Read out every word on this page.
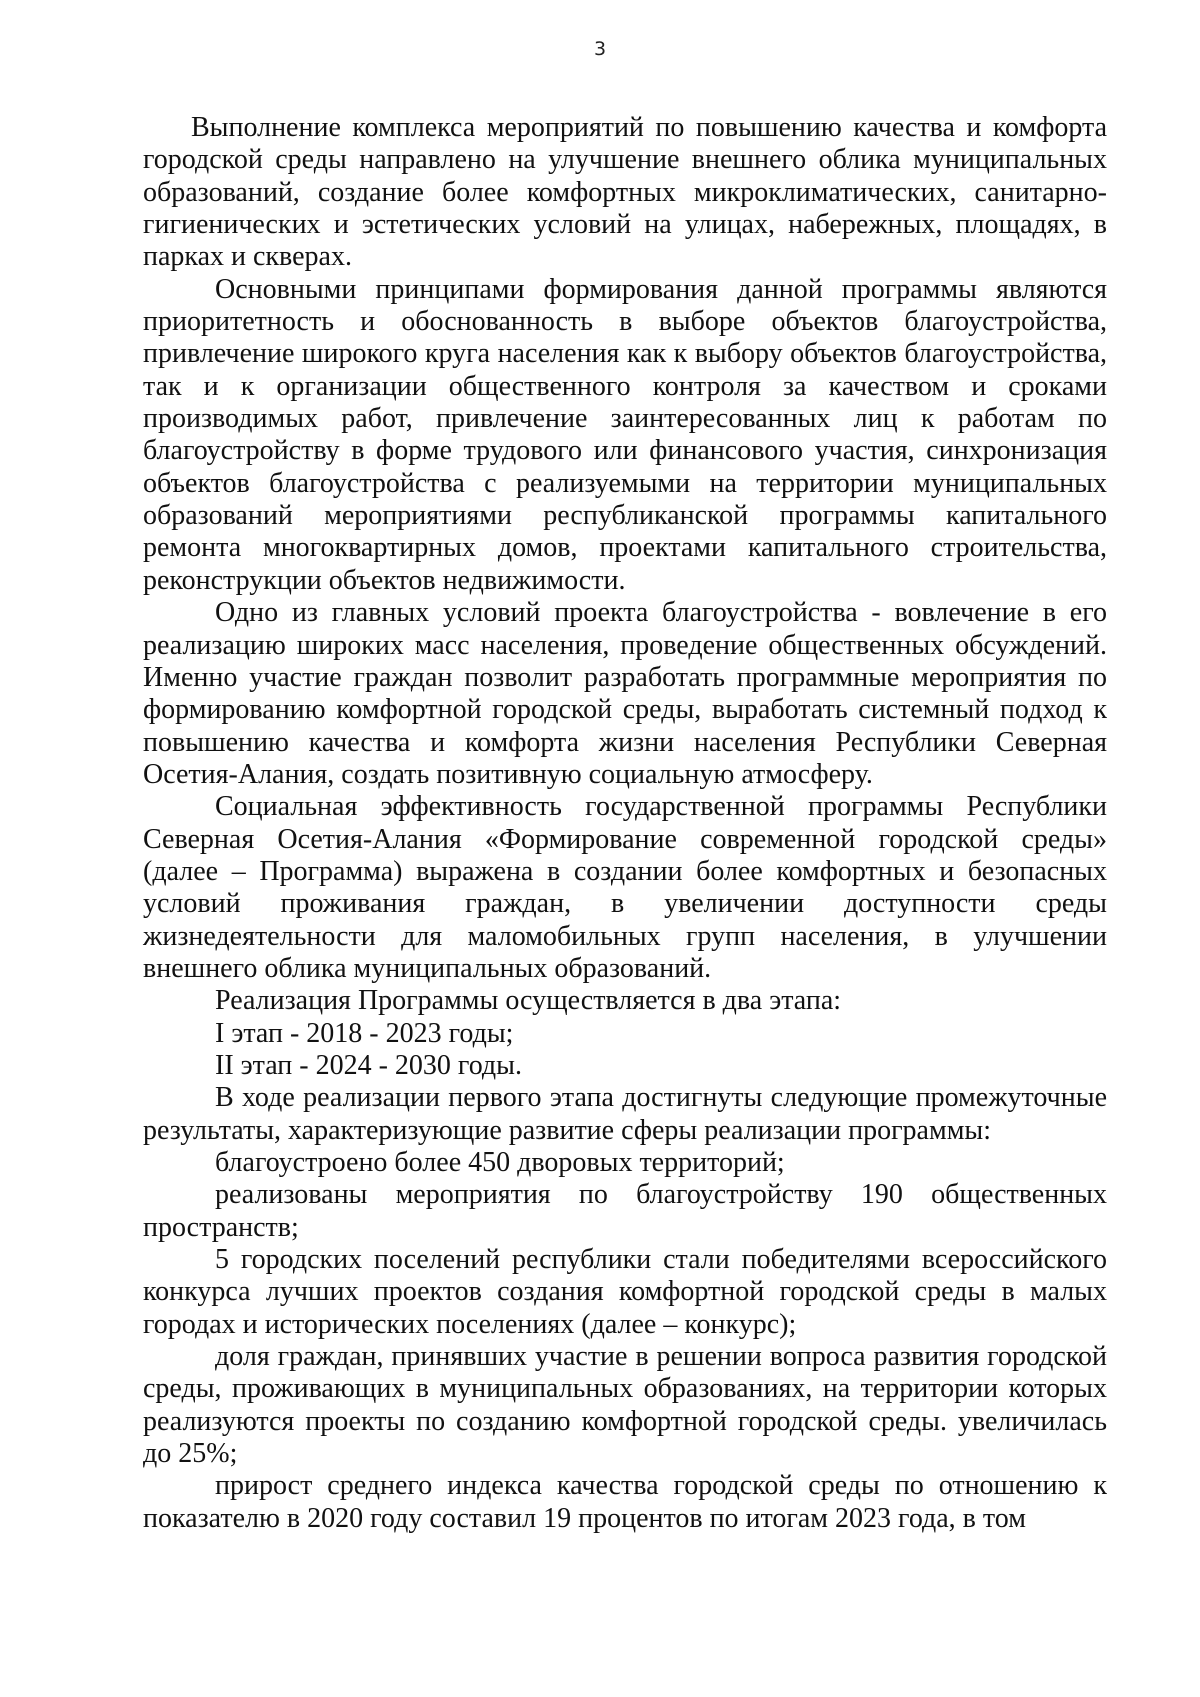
3

Выполнение комплекса мероприятий по повышению качества и комфорта городской среды направлено на улучшение внешнего облика муниципальных образований, создание более комфортных микроклиматических, санитарно-гигиенических и эстетических условий на улицах, набережных, площадях, в парках и скверах.

Основными принципами формирования данной программы являются приоритетность и обоснованность в выборе объектов благоустройства, привлечение широкого круга населения как к выбору объектов благоустройства, так и к организации общественного контроля за качеством и сроками производимых работ, привлечение заинтересованных лиц к работам по благоустройству в форме трудового или финансового участия, синхронизация объектов благоустройства с реализуемыми на территории муниципальных образований мероприятиями республиканской программы капитального ремонта многоквартирных домов, проектами капитального строительства, реконструкции объектов недвижимости.

Одно из главных условий проекта благоустройства - вовлечение в его реализацию широких масс населения, проведение общественных обсуждений. Именно участие граждан позволит разработать программные мероприятия по формированию комфортной городской среды, выработать системный подход к повышению качества и комфорта жизни населения Республики Северная Осетия-Алания, создать позитивную социальную атмосферу.

Социальная эффективность государственной программы Республики Северная Осетия-Алания «Формирование современной городской среды» (далее – Программа) выражена в создании более комфортных и безопасных условий проживания граждан, в увеличении доступности среды жизнедеятельности для маломобильных групп населения, в улучшении внешнего облика муниципальных образований.

Реализация Программы осуществляется в два этапа:

I этап - 2018 - 2023 годы;

II этап - 2024 - 2030 годы.

В ходе реализации первого этапа достигнуты следующие промежуточные результаты, характеризующие развитие сферы реализации программы:

благоустроено более 450 дворовых территорий;

реализованы мероприятия по благоустройству 190 общественных пространств;

5 городских поселений республики стали победителями всероссийского конкурса лучших проектов создания комфортной городской среды в малых городах и исторических поселениях (далее – конкурс);

доля граждан, принявших участие в решении вопроса развития городской среды, проживающих в муниципальных образованиях, на территории которых реализуются проекты по созданию комфортной городской среды. увеличилась до 25%;

прирост среднего индекса качества городской среды по отношению к показателю в 2020 году составил 19 процентов по итогам 2023 года, в том
